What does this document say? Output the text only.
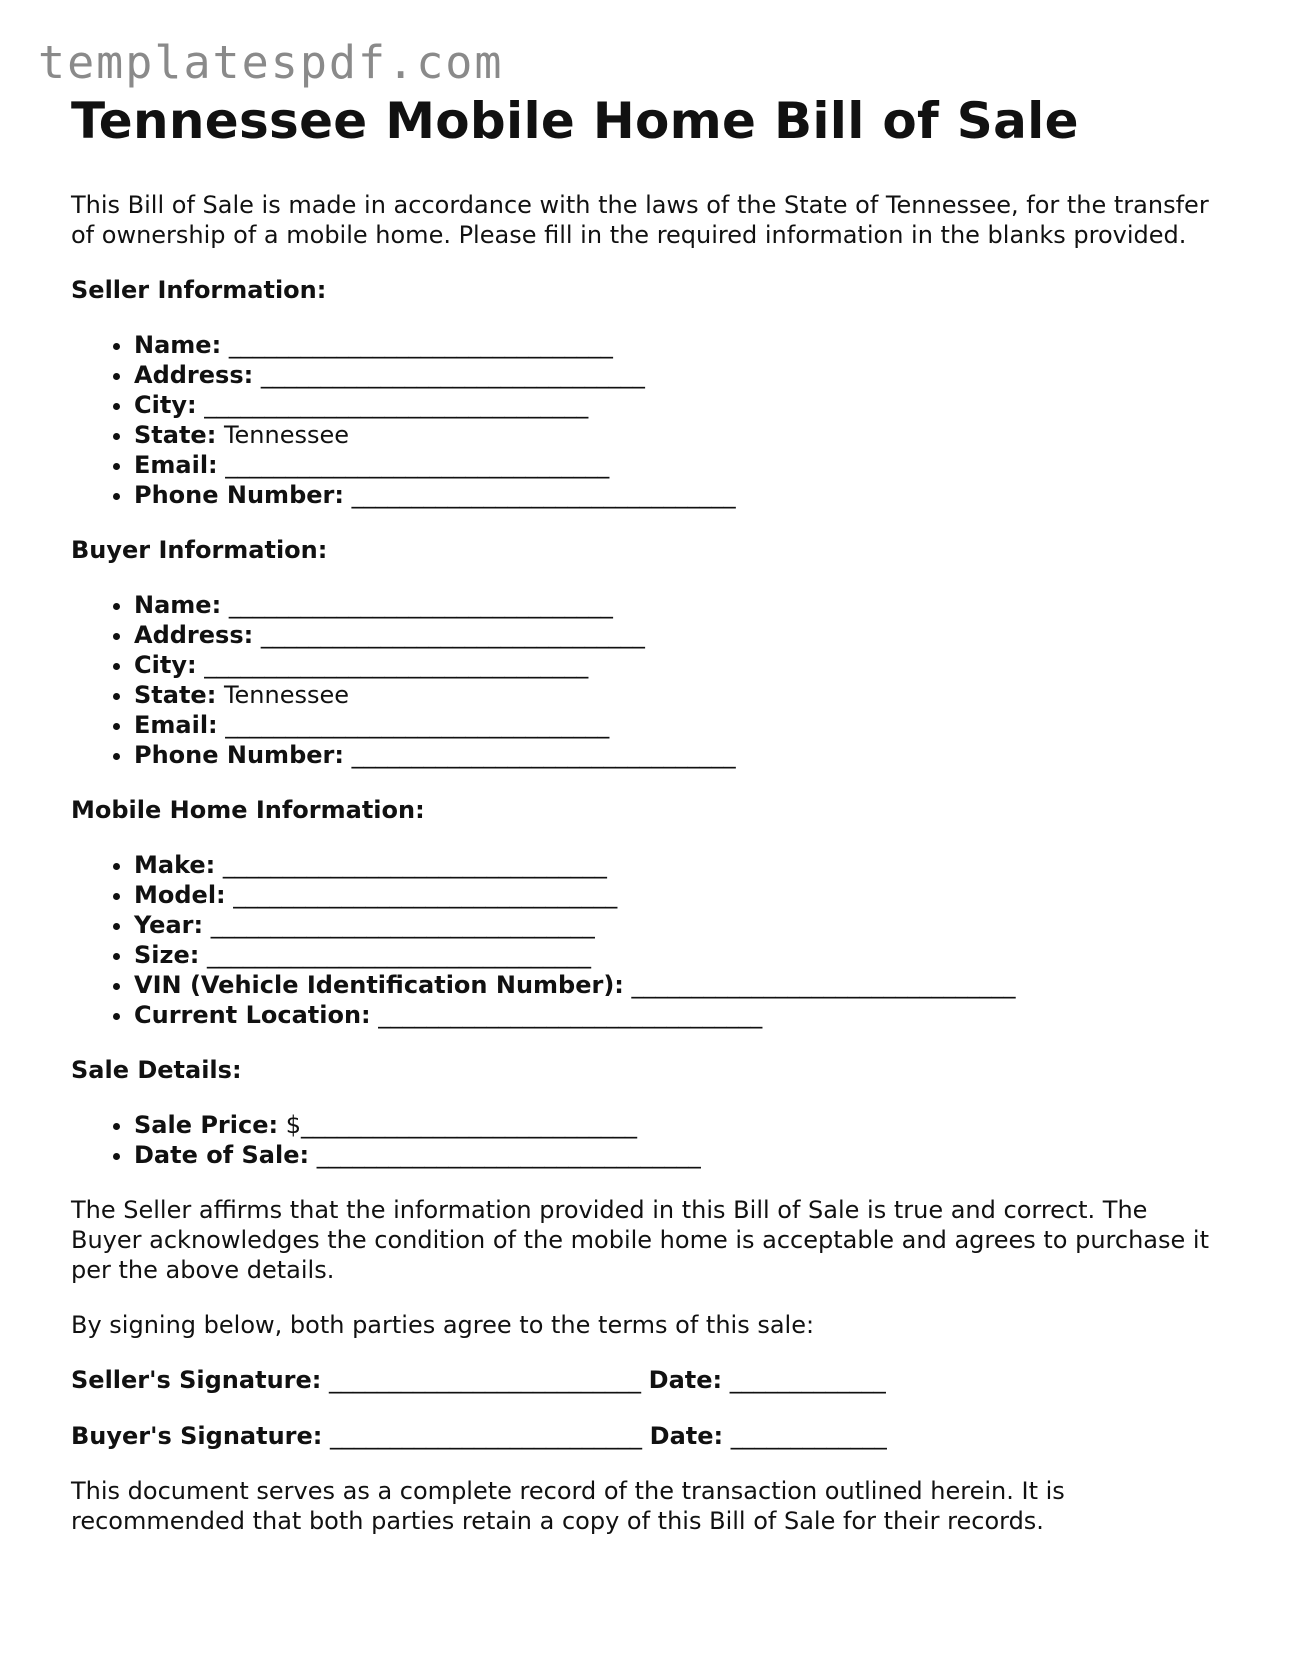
templatespdf.com
Tennessee Mobile Home Bill of Sale

This Bill of Sale is made in accordance with the laws of the State of Tennessee, for the transfer of ownership of a mobile home. Please fill in the required information in the blanks provided.

Seller Information:
• Name: ________________________________
• Address: ________________________________
• City: ________________________________
• State: Tennessee
• Email: ________________________________
• Phone Number: ________________________________
Buyer Information:
• Name: ________________________________
• Address: ________________________________
• City: ________________________________
• State: Tennessee
• Email: ________________________________
• Phone Number: ________________________________
Mobile Home Information:
• Make: ________________________________
• Model: ________________________________
• Year: ________________________________
• Size: ________________________________
• VIN (Vehicle Identification Number): ________________________________
• Current Location: ________________________________
Sale Details:
• Sale Price: $____________________________
• Date of Sale: ________________________________

The Seller affirms that the information provided in this Bill of Sale is true and correct. The Buyer acknowledges the condition of the mobile home is acceptable and agrees to purchase it per the above details.

By signing below, both parties agree to the terms of this sale:

Seller's Signature: __________________________ Date: _____________
Buyer's Signature: __________________________ Date: _____________

This document serves as a complete record of the transaction outlined herein. It is recommended that both parties retain a copy of this Bill of Sale for their records.
